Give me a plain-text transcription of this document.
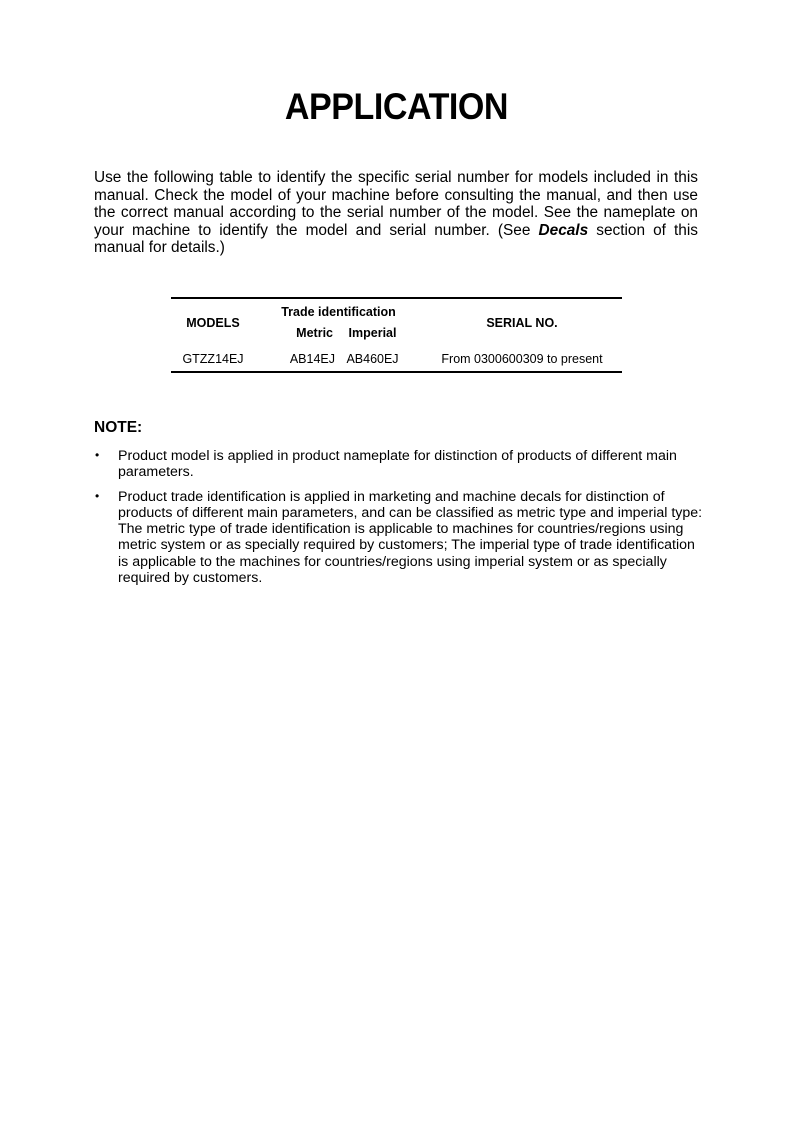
APPLICATION
Use the following table to identify the specific serial number for models included in this manual. Check the model of your machine before consulting the manual, and then use the correct manual according to the serial number of the model. See the nameplate on your machine to identify the model and serial number. (See Decals section of this manual for details.)
MODELS	Trade identification		SERIAL NO.
	Metric	Imperial	
GTZZ14EJ	AB14EJ	AB460EJ	From 0300600309 to present
NOTE:
• Product model is applied in product nameplate for distinction of products of different main parameters.
• Product trade identification is applied in marketing and machine decals for distinction of products of different main parameters, and can be classified as metric type and imperial type: The metric type of trade identification is applicable to machines for countries/regions using metric system or as specially required by customers; The imperial type of trade identification is applicable to the machines for countries/regions using imperial system or as specially required by customers.
